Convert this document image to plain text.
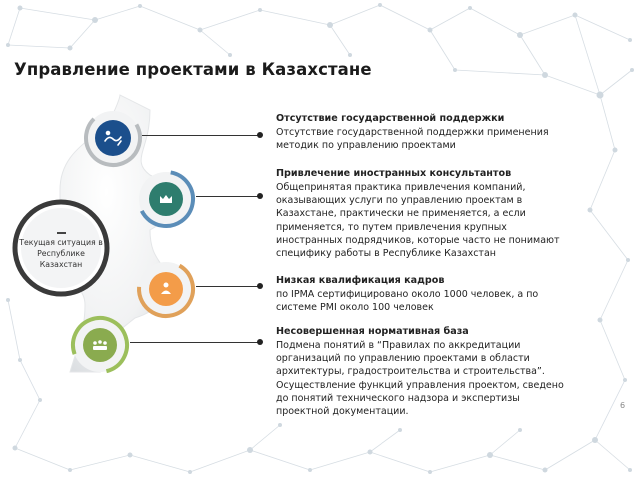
Управление проектами в Казахстане
Текущая ситуация в Республике Казахстан
Отсутствие государственной поддержки
Отсутствие государственной поддержки применения методик по управлению проектами
Привлечение иностранных консультантов
Общепринятая практика привлечения компаний, оказывающих услуги по управлению проектам в Казахстане, практически не применяется, а если применяется, то путем привлечения крупных иностранных подрядчиков, которые часто не понимают специфику работы в Республике Казахстан
Низкая квалификация кадров
по IPMA сертифицировано около 1000 человек, а по системе PMI около 100 человек
Несовершенная нормативная база
Подмена понятий в “Правилах по аккредитации организаций по управлению проектами в области архитектуры, градостроительства и строительства”. Осуществление функций управления проектом, сведено до понятий технического надзора и экспертизы проектной документации.
6
